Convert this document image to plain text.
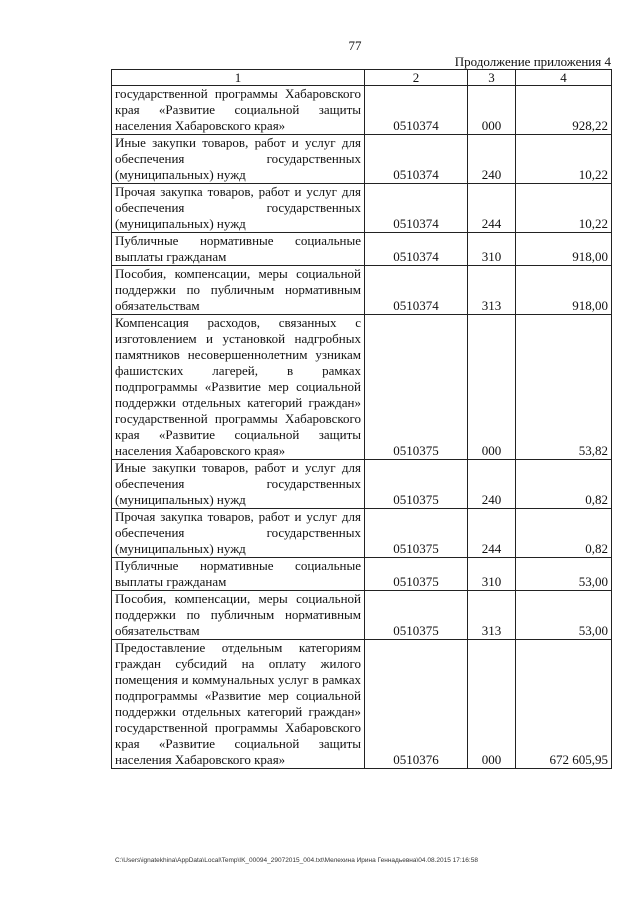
77
Продолжение приложения 4
1	2	3	4
государственной программы Хабаровского края «Развитие социальной защиты населения Хабаровского края»	0510374	000	928,22
Иные закупки товаров, работ и услуг для обеспечения государственных (муниципальных) нужд	0510374	240	10,22
Прочая закупка товаров, работ и услуг для обеспечения государственных (муниципальных) нужд	0510374	244	10,22
Публичные нормативные социальные выплаты гражданам	0510374	310	918,00
Пособия, компенсации, меры социальной поддержки по публичным нормативным обязательствам	0510374	313	918,00
Компенсация расходов, связанных с изготовлением и установкой надгробных памятников несовершеннолетним узникам фашистских лагерей, в рамках подпрограммы «Развитие мер социальной поддержки отдельных категорий граждан» государственной программы Хабаровского края «Развитие социальной защиты населения Хабаровского края»	0510375	000	53,82
Иные закупки товаров, работ и услуг для обеспечения государственных (муниципальных) нужд	0510375	240	0,82
Прочая закупка товаров, работ и услуг для обеспечения государственных (муниципальных) нужд	0510375	244	0,82
Публичные нормативные социальные выплаты гражданам	0510375	310	53,00
Пособия, компенсации, меры социальной поддержки по публичным нормативным обязательствам	0510375	313	53,00
Предоставление отдельным категориям граждан субсидий на оплату жилого помещения и коммунальных услуг в рамках подпрограммы «Развитие мер социальной поддержки отдельных категорий граждан» государственной программы Хабаровского края «Развитие социальной защиты населения Хабаровского края»	0510376	000	672 605,95
C:\Users\ignatekhina\AppData\Local\Temp\IK_00094_29072015_004.txt\Мелехина Ирина Геннадьевна\04.08.2015 17:16:58
